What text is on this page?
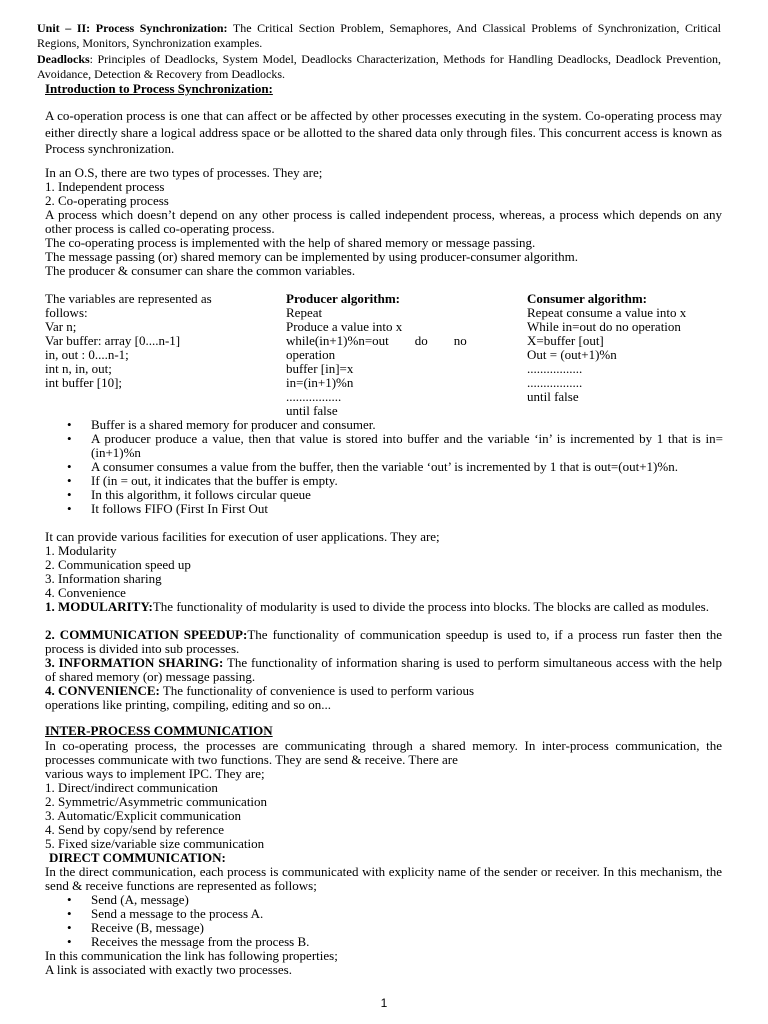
Unit – II: Process Synchronization: The Critical Section Problem, Semaphores, And Classical Problems of Synchronization, Critical Regions, Monitors, Synchronization examples.
Deadlocks: Principles of Deadlocks, System Model, Deadlocks Characterization, Methods for Handling Deadlocks, Deadlock Prevention, Avoidance, Detection & Recovery from Deadlocks.
Introduction to Process Synchronization:
A co-operation process is one that can affect or be affected by other processes executing in the system. Co-operating process may either directly share a logical address space or be allotted to the shared data only through files. This concurrent access is known as Process synchronization.
In an O.S, there are two types of processes. They are;
1. Independent process
2. Co-operating process
A process which doesn’t depend on any other process is called independent process, whereas, a process which depends on any other process is called co-operating process.
The co-operating process is implemented with the help of shared memory or message passing.
The message passing (or) shared memory can be implemented by using producer-consumer algorithm.
The producer & consumer can share the common variables.
The variables are represented as
follows:
Var n;
Var buffer: array [0....n-1]
in, out : 0....n-1;
int n, in, out;
int buffer [10];
Producer algorithm:
Repeat
Produce a value into x
while(in+1)%n=out        do        no
operation
buffer [in]=x
in=(in+1)%n
.................
until false
Consumer algorithm:
Repeat consume a value into x
While in=out do no operation
X=buffer [out]
Out = (out+1)%n
.................
.................
until false
• Buffer is a shared memory for producer and consumer.
• A producer produce a value, then that value is stored into buffer and the variable ‘in’ is incremented by 1 that is in=(in+1)%n
• A consumer consumes a value from the buffer, then the variable ‘out’ is incremented by 1 that is out=(out+1)%n.
• If (in = out, it indicates that the buffer is empty.
• In this algorithm, it follows circular queue
• It follows FIFO (First In First Out
It can provide various facilities for execution of user applications. They are;
1. Modularity
2. Communication speed up
3. Information sharing
4. Convenience
1. MODULARITY:The functionality of modularity is used to divide the process into blocks. The blocks are called as modules.
2. COMMUNICATION SPEEDUP:The functionality of communication speedup is used to, if a process run faster then the process is divided into sub processes.
3. INFORMATION SHARING: The functionality of information sharing is used to perform simultaneous access with the help of shared memory (or) message passing.
4. CONVENIENCE: The functionality of convenience is used to perform various
operations like printing, compiling, editing and so on...
INTER-PROCESS COMMUNICATION
In co-operating process, the processes are communicating through a shared memory. In inter-process communication, the processes communicate with two functions. They are send & receive. There are
various ways to implement IPC. They are;
1. Direct/indirect communication
2. Symmetric/Asymmetric communication
3. Automatic/Explicit communication
4. Send by copy/send by reference
5. Fixed size/variable size communication
DIRECT COMMUNICATION:
In the direct communication, each process is communicated with explicity name of the sender or receiver. In this mechanism, the send & receive functions are represented as follows;
• Send (A, message)
• Send a message to the process A.
• Receive (B, message)
• Receives the message from the process B.
In this communication the link has following properties;
A link is associated with exactly two processes.
1
